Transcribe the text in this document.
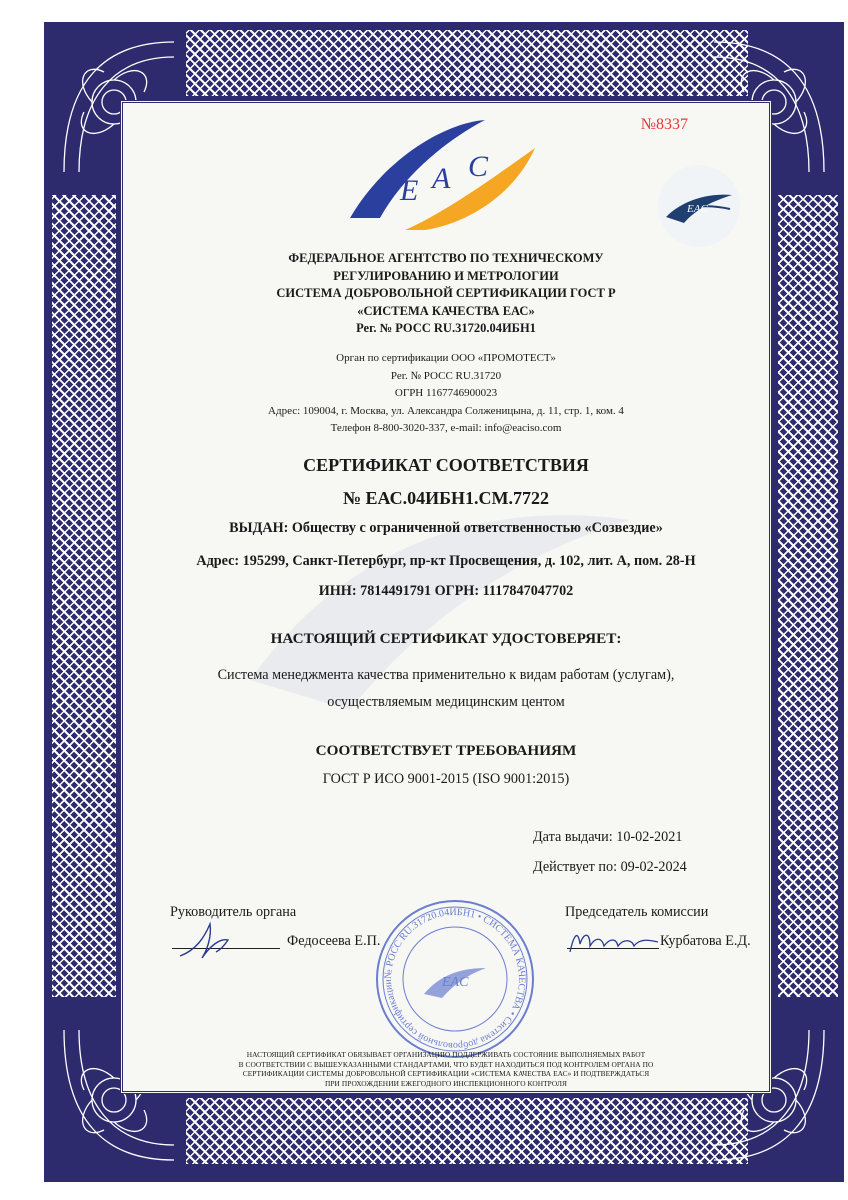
№8337
E A C
EAC
ФЕДЕРАЛЬНОЕ АГЕНТСТВО ПО ТЕХНИЧЕСКОМУ
РЕГУЛИРОВАНИЮ И МЕТРОЛОГИИ
СИСТЕМА ДОБРОВОЛЬНОЙ СЕРТИФИКАЦИИ ГОСТ Р
«СИСТЕМА КАЧЕСТВА ЕАС»
Рег. № РОСС RU.31720.04ИБН1
Орган по сертификации ООО «ПРОМОТЕСТ»
Рег. № РОСС RU.31720
ОГРН 1167746900023
Адрес: 109004, г. Москва, ул. Александра Солженицына, д. 11, стр. 1, ком. 4
Телефон 8-800-3020-337, e-mail: info@eaciso.com
СЕРТИФИКАТ СООТВЕТСТВИЯ
№ ЕАС.04ИБН1.СМ.7722
ВЫДАН: Обществу с ограниченной ответственностью «Созвездие»
Адрес: 195299, Санкт-Петербург, пр-кт Просвещения, д. 102, лит. А, пом. 28-Н
ИНН: 7814491791 ОГРН: 1117847047702
НАСТОЯЩИЙ СЕРТИФИКАТ УДОСТОВЕРЯЕТ:
Система менеджмента качества применительно к видам работам (услугам),
осуществляемым медицинским центом
СООТВЕТСТВУЕТ ТРЕБОВАНИЯМ
ГОСТ Р ИСО 9001-2015 (ISO 9001:2015)
Дата выдачи: 10-02-2021
Действует по: 09-02-2024
Руководитель органа
Федосеева Е.П.
Председатель комиссии
Курбатова Е.Д.
№ РОСС RU.31720.04ИБН1 • СИСТЕМА КАЧЕСТВА • Система добровольной сертификации	EAC
НАСТОЯЩИЙ СЕРТИФИКАТ ОБЯЗЫВАЕТ ОРГАНИЗАЦИЮ ПОДДЕРЖИВАТЬ СОСТОЯНИЕ ВЫПОЛНЯЕМЫХ РАБОТ
В СООТВЕТСТВИИ С ВЫШЕУКАЗАННЫМИ СТАНДАРТАМИ, ЧТО БУДЕТ НАХОДИТЬСЯ ПОД КОНТРОЛЕМ ОРГАНА ПО
СЕРТИФИКАЦИИ СИСТЕМЫ ДОБРОВОЛЬНОЙ СЕРТИФИКАЦИИ «СИСТЕМА КАЧЕСТВА ЕАС» И ПОДТВЕРЖДАТЬСЯ
ПРИ ПРОХОЖДЕНИИ ЕЖЕГОДНОГО ИНСПЕКЦИОННОГО КОНТРОЛЯ
